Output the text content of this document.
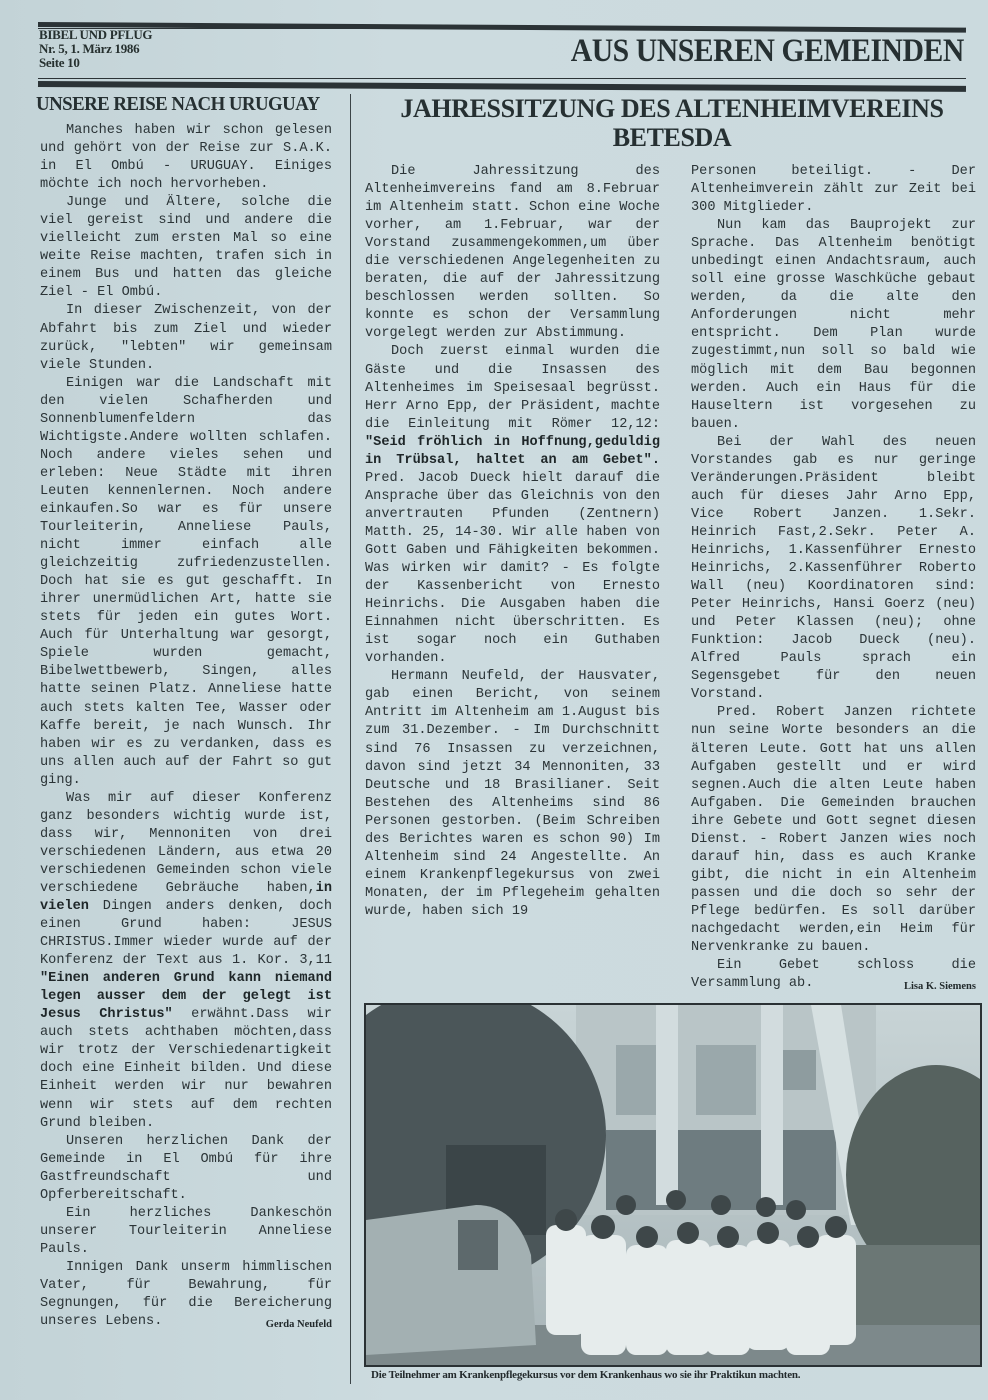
BIBEL UND PFLUG
Nr. 5, 1. März 1986
Seite 10	AUS UNSEREN GEMEINDEN
UNSERE REISE NACH URUGUAY

Manches haben wir schon gelesen und gehört von der Reise zur S.A.K. in El Ombú - URUGUAY. Einiges möchte ich noch hervorheben.

Junge und Ältere, solche die viel gereist sind und andere die vielleicht zum ersten Mal so eine weite Reise machten, trafen sich in einem Bus und hatten das gleiche Ziel - El Ombú.

In dieser Zwischenzeit, von der Abfahrt bis zum Ziel und wieder zurück, "lebten" wir gemeinsam viele Stunden.

Einigen war die Landschaft mit den vielen Schafherden und Sonnenblumenfeldern das Wichtigste.Andere wollten schlafen. Noch andere vieles sehen und erleben: Neue Städte mit ihren Leuten kennenlernen. Noch andere einkaufen.So war es für unsere Tourleiterin, Anneliese Pauls, nicht immer einfach alle gleichzeitig zufriedenzustellen. Doch hat sie es gut geschafft. In ihrer unermüdlichen Art, hatte sie stets für jeden ein gutes Wort. Auch für Unterhaltung war gesorgt, Spiele wurden gemacht, Bibelwettbewerb, Singen, alles hatte seinen Platz. Anneliese hatte auch stets kalten Tee, Wasser oder Kaffe bereit, je nach Wunsch. Ihr haben wir es zu verdanken, dass es uns allen auch auf der Fahrt so gut ging.

Was mir auf dieser Konferenz ganz besonders wichtig wurde ist, dass wir, Mennoniten von drei verschiedenen Ländern, aus etwa 20 verschiedenen Gemeinden schon viele verschiedene Gebräuche haben,in vielen Dingen anders denken, doch einen Grund haben: JESUS CHRISTUS.Immer wieder wurde auf der Konferenz der Text aus 1. Kor. 3,11 "Einen anderen Grund kann niemand legen ausser dem der gelegt ist Jesus Christus" erwähnt.Dass wir auch stets achthaben möchten,dass wir trotz der Verschiedenartigkeit doch eine Einheit bilden. Und diese Einheit werden wir nur bewahren wenn wir stets auf dem rechten Grund bleiben.

Unseren herzlichen Dank der Gemeinde in El Ombú für ihre Gastfreundschaft und Opferbereitschaft.

Ein herzliches Dankeschön unserer Tourleiterin Anneliese Pauls.

Innigen Dank unserm himmlischen Vater, für Bewahrung, für Segnungen, für die Bereicherung unseres Lebens.	Gerda Neufeld

JAHRESSITZUNG DES ALTENHEIMVEREINS BETESDA

Die Jahressitzung des Altenheimvereins fand am 8.Februar im Altenheim statt. Schon eine Woche vorher, am 1.Februar, war der Vorstand zusammengekommen,um über die verschiedenen Angelegenheiten zu beraten, die auf der Jahressitzung beschlossen werden sollten. So konnte es schon der Versammlung vorgelegt werden zur Abstimmung.

Doch zuerst einmal wurden die Gäste und die Insassen des Altenheimes im Speisesaal begrüsst. Herr Arno Epp, der Präsident, machte die Einleitung mit Römer 12,12: "Seid fröhlich in Hoffnung,geduldig in Trübsal, haltet an am Gebet". Pred. Jacob Dueck hielt darauf die Ansprache über das Gleichnis von den anvertrauten Pfunden (Zentnern) Matth. 25, 14-30. Wir alle haben von Gott Gaben und Fähigkeiten bekommen. Was wirken wir damit? - Es folgte der Kassenbericht von Ernesto Heinrichs. Die Ausgaben haben die Einnahmen nicht überschritten. Es ist sogar noch ein Guthaben vorhanden.

Hermann Neufeld, der Hausvater, gab einen Bericht, von seinem Antritt im Altenheim am 1.August bis zum 31.Dezember. - Im Durchschnitt sind 76 Insassen zu verzeichnen, davon sind jetzt 34 Mennoniten, 33 Deutsche und 18 Brasilianer. Seit Bestehen des Altenheims sind 86 Personen gestorben. (Beim Schreiben des Berichtes waren es schon 90) Im Altenheim sind 24 Angestellte. An einem Krankenpflegekursus von zwei Monaten, der im Pflegeheim gehalten wurde, haben sich 19

Personen beteiligt. - Der Altenheimverein zählt zur Zeit bei 300 Mitglieder.

Nun kam das Bauprojekt zur Sprache. Das Altenheim benötigt unbedingt einen Andachtsraum, auch soll eine grosse Waschküche gebaut werden, da die alte den Anforderungen nicht mehr entspricht. Dem Plan wurde zugestimmt,nun soll so bald wie möglich mit dem Bau begonnen werden. Auch ein Haus für die Hauseltern ist vorgesehen zu bauen.

Bei der Wahl des neuen Vorstandes gab es nur geringe Veränderungen.Präsident bleibt auch für dieses Jahr Arno Epp, Vice Robert Janzen. 1.Sekr. Heinrich Fast,2.Sekr. Peter A. Heinrichs, 1.Kassenführer Ernesto Heinrichs, 2.Kassenführer Roberto Wall (neu) Koordinatoren sind: Peter Heinrichs, Hansi Goerz (neu) und Peter Klassen (neu); ohne Funktion: Jacob Dueck (neu). Alfred Pauls sprach ein Segensgebet für den neuen Vorstand.

Pred. Robert Janzen richtete nun seine Worte besonders an die älteren Leute. Gott hat uns allen Aufgaben gestellt und er wird segnen.Auch die alten Leute haben Aufgaben. Die Gemeinden brauchen ihre Gebete und Gott segnet diesen Dienst. - Robert Janzen wies noch darauf hin, dass es auch Kranke gibt, die nicht in ein Altenheim passen und die doch so sehr der Pflege bedürfen. Es soll darüber nachgedacht werden,ein Heim für Nervenkranke zu bauen.

Ein Gebet schloss die Versammlung ab.	Lisa K. Siemens

Die Teilnehmer am Krankenpflegekursus vor dem Krankenhaus wo sie ihr Praktikun machten.
